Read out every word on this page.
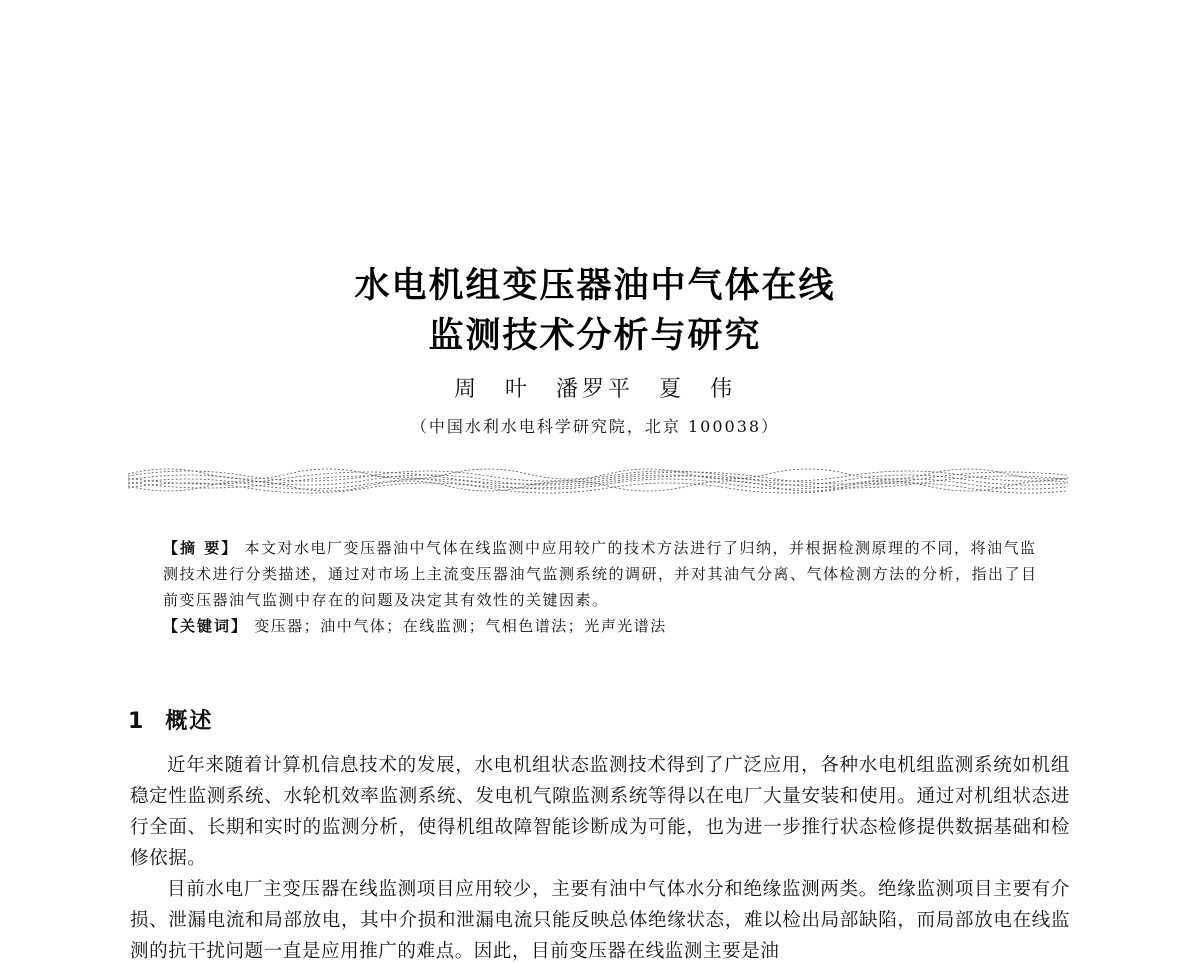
水电机组变压器油中气体在线
监测技术分析与研究
周 叶 潘罗平 夏 伟
（中国水利水电科学研究院，北京 100038）

【摘 要】 本文对水电厂变压器油中气体在线监测中应用较广的技术方法进行了归纳，并根据检测原理的不同，将油气监测技术进行分类描述，通过对市场上主流变压器油气监测系统的调研，并对其油气分离、气体检测方法的分析，指出了目前变压器油气监测中存在的问题及决定其有效性的关键因素。

【关键词】 变压器；油中气体；在线监测；气相色谱法；光声光谱法

1 概述

近年来随着计算机信息技术的发展，水电机组状态监测技术得到了广泛应用，各种水电机组监测系统如机组稳定性监测系统、水轮机效率监测系统、发电机气隙监测系统等得以在电厂大量安装和使用。通过对机组状态进行全面、长期和实时的监测分析，使得机组故障智能诊断成为可能，也为进一步推行状态检修提供数据基础和检修依据。

目前水电厂主变压器在线监测项目应用较少，主要有油中气体水分和绝缘监测两类。绝缘监测项目主要有介损、泄漏电流和局部放电，其中介损和泄漏电流只能反映总体绝缘状态，难以检出局部缺陷，而局部放电在线监测的抗干扰问题一直是应用推广的难点。因此，目前变压器在线监测主要是油
